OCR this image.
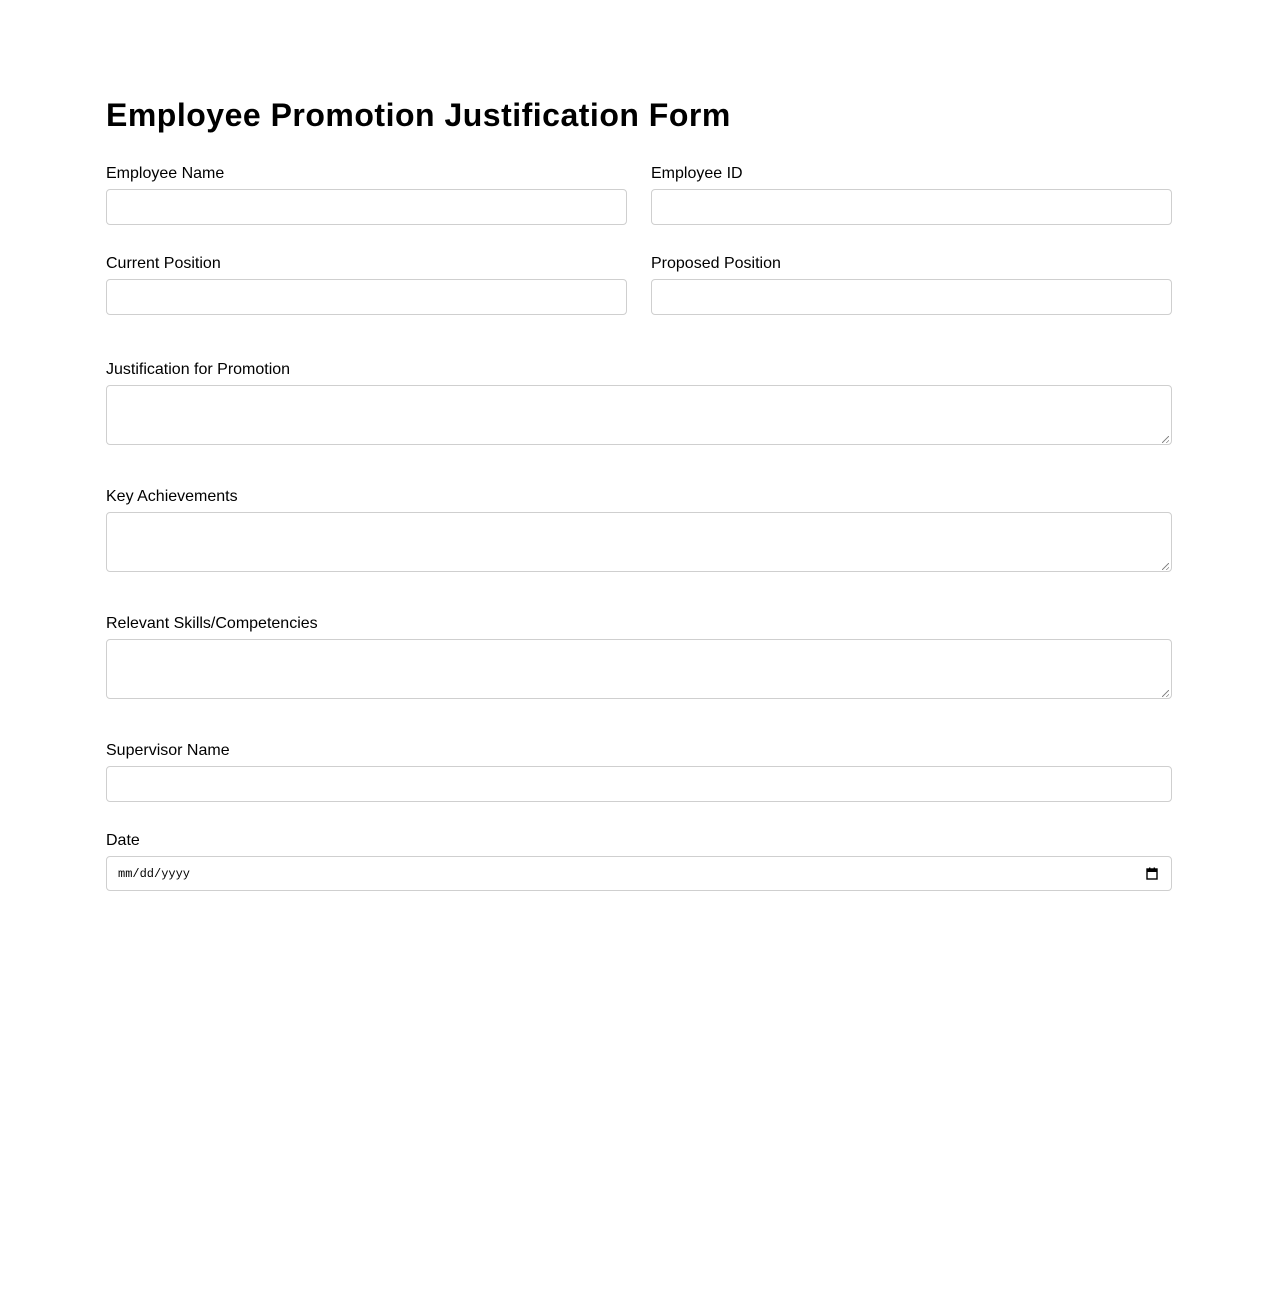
Employee Promotion Justification Form
Employee Name	Employee ID
Current Position	Proposed Position
Justification for Promotion
Key Achievements
Relevant Skills/Competencies
Supervisor Name
Date
mm/dd/yyyy
